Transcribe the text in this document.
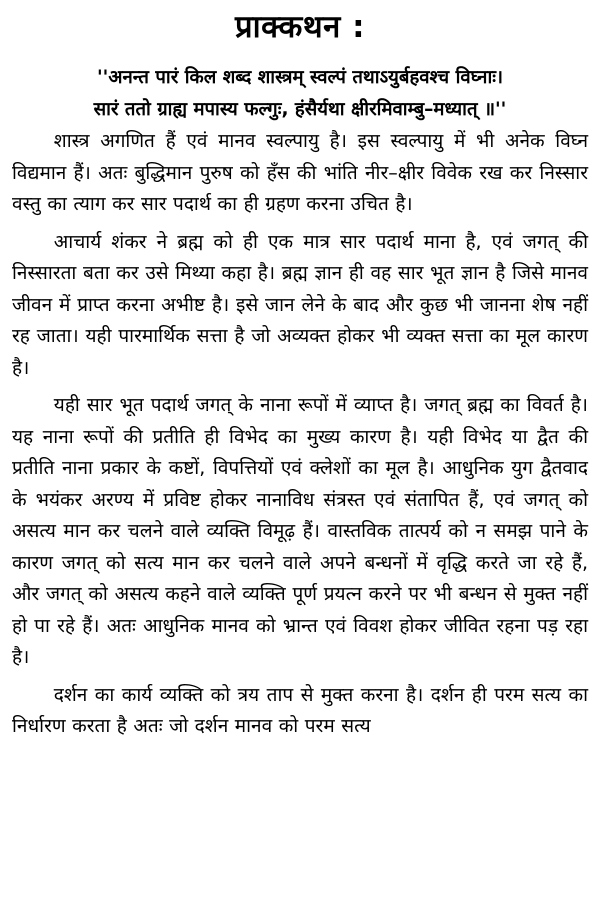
प्राक्कथन :

''अनन्त पारं किल शब्द शास्त्रम् स्वल्पं तथाऽयुर्बहवश्च विघ्नाः।

सारं ततो ग्राह्य मपास्य फल्गुः, हंसैर्यथा क्षीरमिवाम्बु–मध्यात् ॥''

शास्त्र अगणित हैं एवं मानव स्वल्पायु है। इस स्वल्पायु में भी अनेक विघ्न विद्यमान हैं। अतः बुद्धिमान पुरुष को हँस की भांति नीर–क्षीर विवेक रख कर निस्सार वस्तु का त्याग कर सार पदार्थ का ही ग्रहण करना उचित है।

आचार्य शंकर ने ब्रह्म को ही एक मात्र सार पदार्थ माना है, एवं जगत् की निस्सारता बता कर उसे मिथ्या कहा है। ब्रह्म ज्ञान ही वह सार भूत ज्ञान है जिसे मानव जीवन में प्राप्त करना अभीष्ट है। इसे जान लेने के बाद और कुछ भी जानना शेष नहीं रह जाता। यही पारमार्थिक सत्ता है जो अव्यक्त होकर भी व्यक्त सत्ता का मूल कारण है।

यही सार भूत पदार्थ जगत् के नाना रूपों में व्याप्त है। जगत् ब्रह्म का विवर्त है। यह नाना रूपों की प्रतीति ही विभेद का मुख्य कारण है। यही विभेद या द्वैत की प्रतीति नाना प्रकार के कष्टों, विपत्तियों एवं क्लेशों का मूल है। आधुनिक युग द्वैतवाद के भयंकर अरण्य में प्रविष्ट होकर नानाविध संत्रस्त एवं संतापित हैं, एवं जगत् को असत्य मान कर चलने वाले व्यक्ति विमूढ़ हैं। वास्तविक तात्पर्य को न समझ पाने के कारण जगत् को सत्य मान कर चलने वाले अपने बन्धनों में वृद्धि करते जा रहे हैं, और जगत् को असत्य कहने वाले व्यक्ति पूर्ण प्रयत्न करने पर भी बन्धन से मुक्त नहीं हो पा रहे हैं। अतः आधुनिक मानव को भ्रान्त एवं विवश होकर जीवित रहना पड़ रहा है।

दर्शन का कार्य व्यक्ति को त्रय ताप से मुक्त करना है। दर्शन ही परम सत्य का निर्धारण करता है अतः जो दर्शन मानव को परम सत्य
